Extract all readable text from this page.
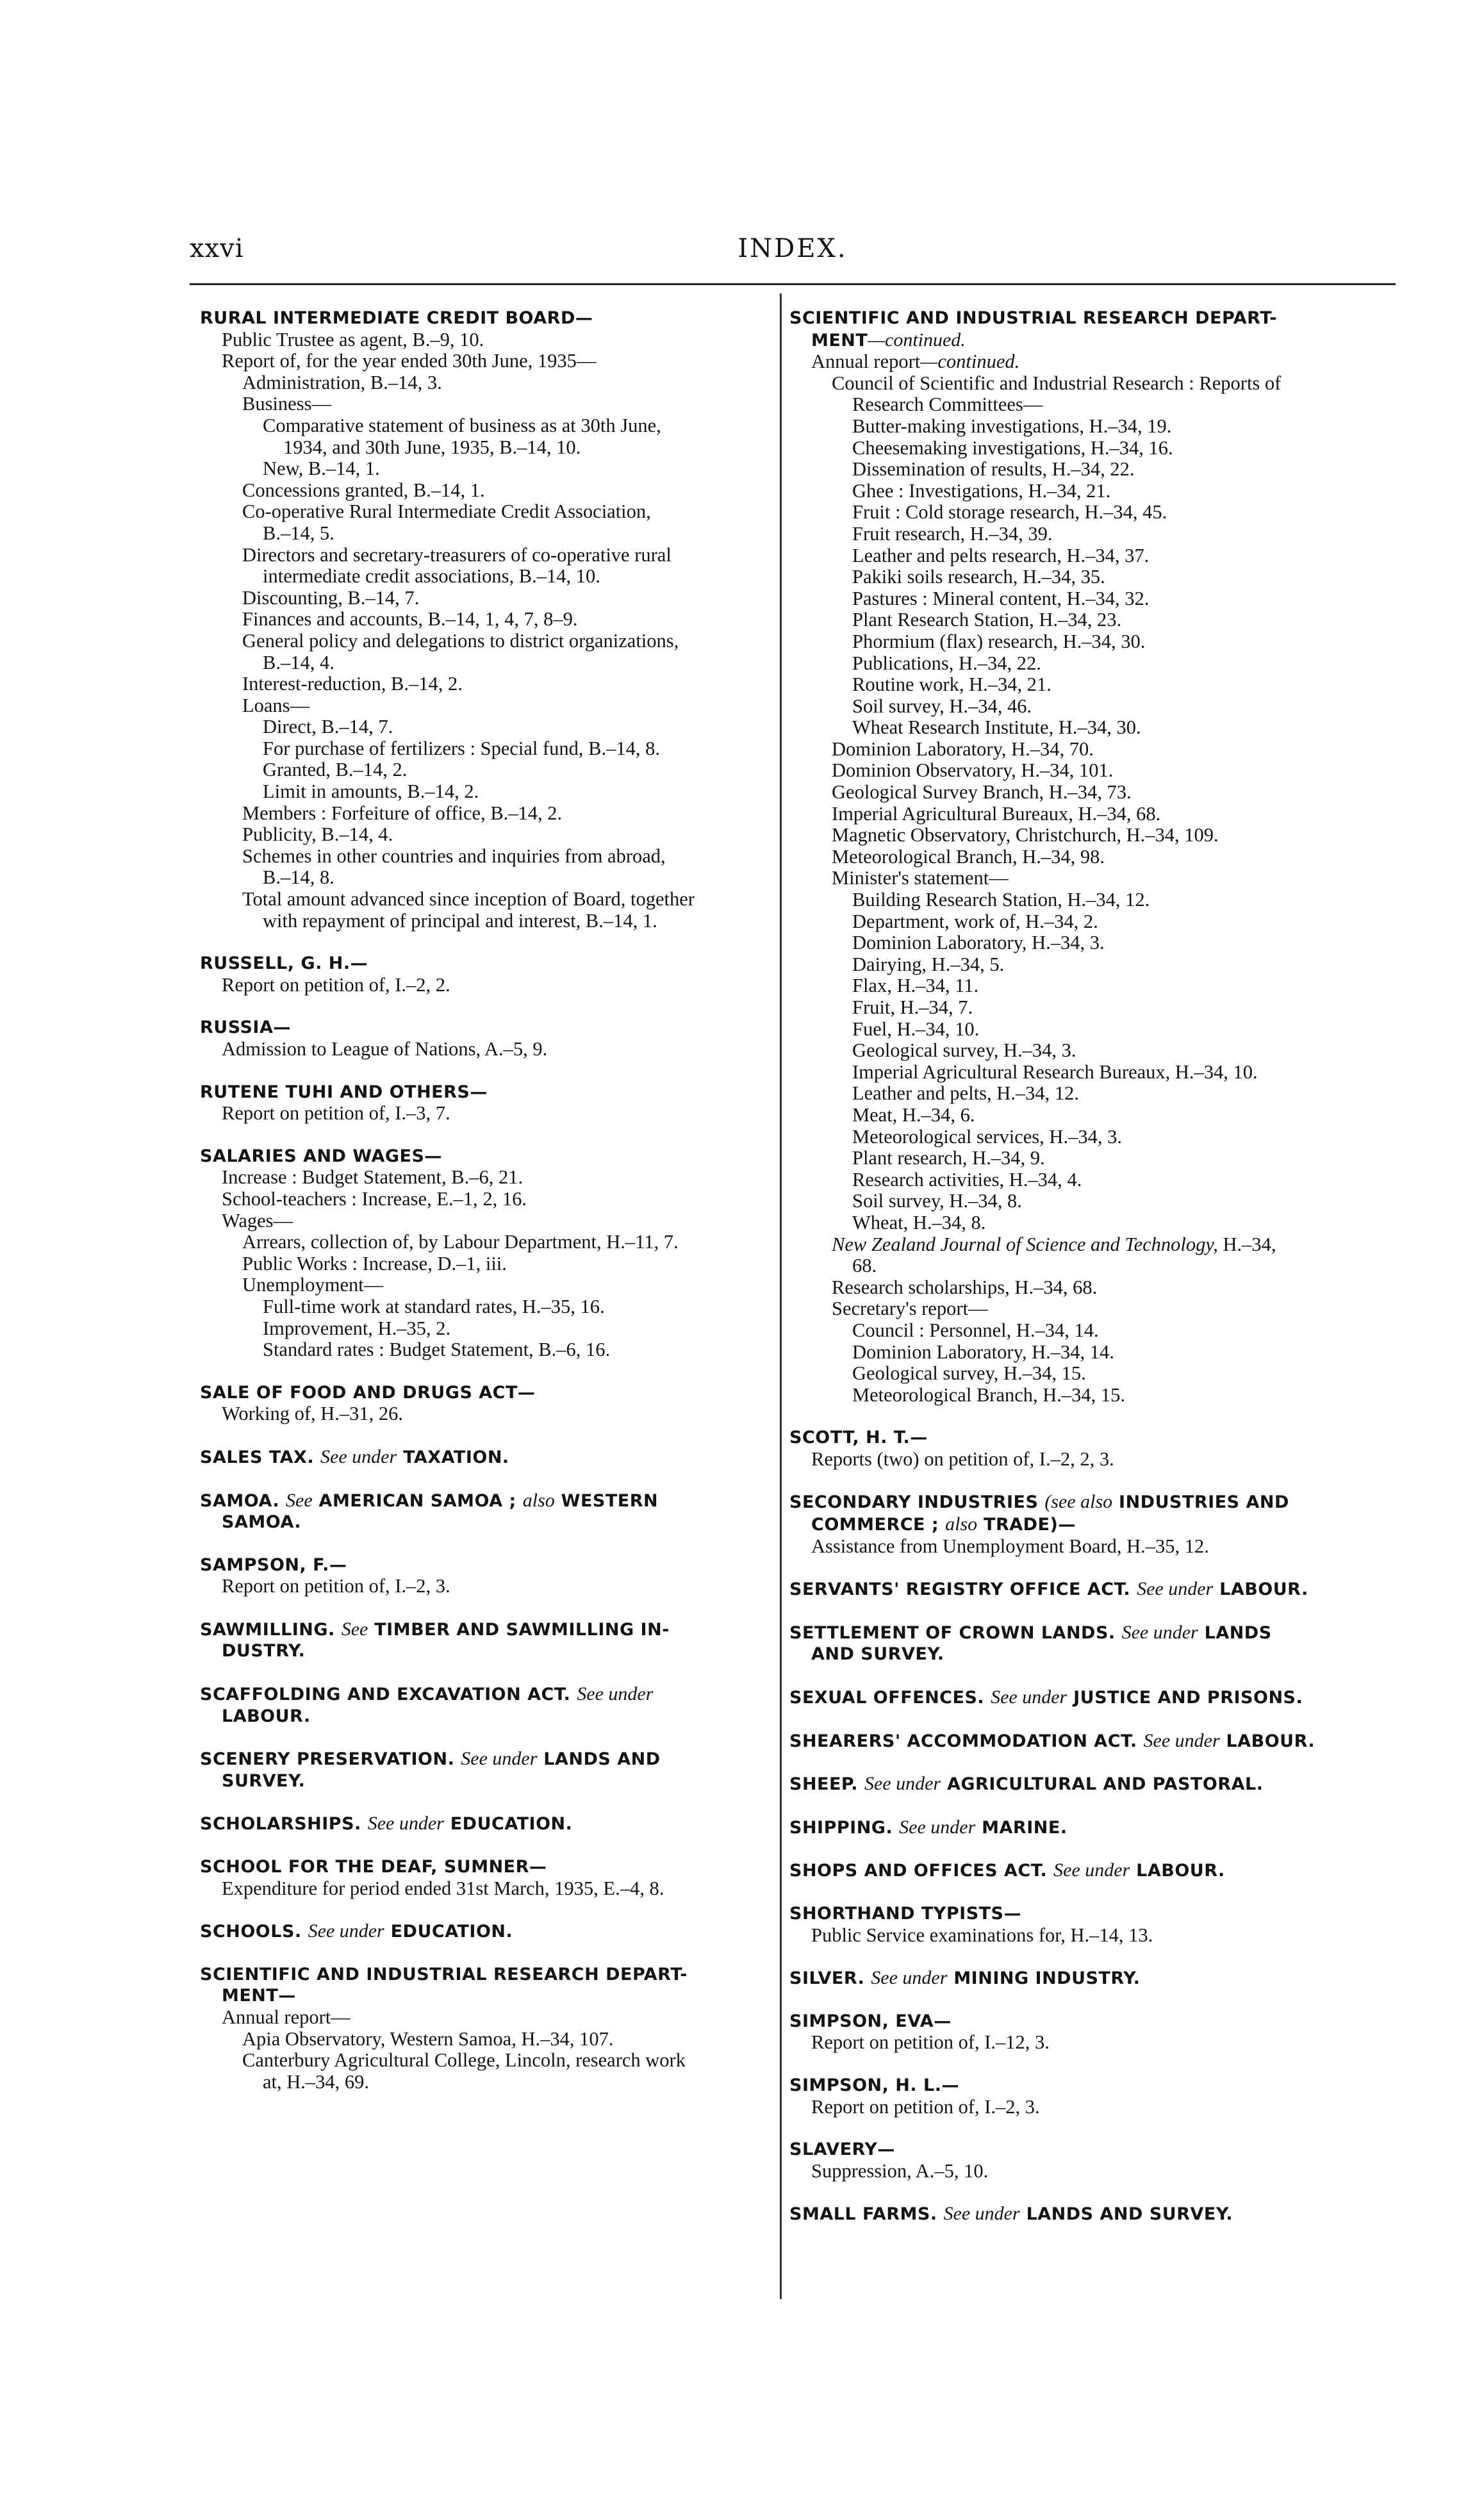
xxvi	INDEX.
RURAL INTERMEDIATE CREDIT BOARD—
Public Trustee as agent, B.–9, 10.
Report of, for the year ended 30th June, 1935—
Administration, B.–14, 3.
Business—
Comparative statement of business as at 30th June,
1934, and 30th June, 1935, B.–14, 10.
New, B.–14, 1.
Concessions granted, B.–14, 1.
Co-operative Rural Intermediate Credit Association,
B.–14, 5.
Directors and secretary-treasurers of co-operative rural
intermediate credit associations, B.–14, 10.
Discounting, B.–14, 7.
Finances and accounts, B.–14, 1, 4, 7, 8–9.
General policy and delegations to district organizations,
B.–14, 4.
Interest-reduction, B.–14, 2.
Loans—
Direct, B.–14, 7.
For purchase of fertilizers : Special fund, B.–14, 8.
Granted, B.–14, 2.
Limit in amounts, B.–14, 2.
Members : Forfeiture of office, B.–14, 2.
Publicity, B.–14, 4.
Schemes in other countries and inquiries from abroad,
B.–14, 8.
Total amount advanced since inception of Board, together
with repayment of principal and interest, B.–14, 1.
RUSSELL, G. H.—
Report on petition of, I.–2, 2.
RUSSIA—
Admission to League of Nations, A.–5, 9.
RUTENE TUHI AND OTHERS—
Report on petition of, I.–3, 7.
SALARIES AND WAGES—
Increase : Budget Statement, B.–6, 21.
School-teachers : Increase, E.–1, 2, 16.
Wages—
Arrears, collection of, by Labour Department, H.–11, 7.
Public Works : Increase, D.–1, iii.
Unemployment—
Full-time work at standard rates, H.–35, 16.
Improvement, H.–35, 2.
Standard rates : Budget Statement, B.–6, 16.
SALE OF FOOD AND DRUGS ACT—
Working of, H.–31, 26.
SALES TAX. See under TAXATION.
SAMOA. See AMERICAN SAMOA ; also WESTERN
SAMOA.
SAMPSON, F.—
Report on petition of, I.–2, 3.
SAWMILLING. See TIMBER AND SAWMILLING IN-
DUSTRY.
SCAFFOLDING AND EXCAVATION ACT. See under
LABOUR.
SCENERY PRESERVATION. See under LANDS AND
SURVEY.
SCHOLARSHIPS. See under EDUCATION.
SCHOOL FOR THE DEAF, SUMNER—
Expenditure for period ended 31st March, 1935, E.–4, 8.
SCHOOLS. See under EDUCATION.
SCIENTIFIC AND INDUSTRIAL RESEARCH DEPART-
MENT—
Annual report—
Apia Observatory, Western Samoa, H.–34, 107.
Canterbury Agricultural College, Lincoln, research work
at, H.–34, 69.
SCIENTIFIC AND INDUSTRIAL RESEARCH DEPART-
MENT—continued.
Annual report—continued.
Council of Scientific and Industrial Research : Reports of
Research Committees—
Butter-making investigations, H.–34, 19.
Cheesemaking investigations, H.–34, 16.
Dissemination of results, H.–34, 22.
Ghee : Investigations, H.–34, 21.
Fruit : Cold storage research, H.–34, 45.
Fruit research, H.–34, 39.
Leather and pelts research, H.–34, 37.
Pakiki soils research, H.–34, 35.
Pastures : Mineral content, H.–34, 32.
Plant Research Station, H.–34, 23.
Phormium (flax) research, H.–34, 30.
Publications, H.–34, 22.
Routine work, H.–34, 21.
Soil survey, H.–34, 46.
Wheat Research Institute, H.–34, 30.
Dominion Laboratory, H.–34, 70.
Dominion Observatory, H.–34, 101.
Geological Survey Branch, H.–34, 73.
Imperial Agricultural Bureaux, H.–34, 68.
Magnetic Observatory, Christchurch, H.–34, 109.
Meteorological Branch, H.–34, 98.
Minister's statement—
Building Research Station, H.–34, 12.
Department, work of, H.–34, 2.
Dominion Laboratory, H.–34, 3.
Dairying, H.–34, 5.
Flax, H.–34, 11.
Fruit, H.–34, 7.
Fuel, H.–34, 10.
Geological survey, H.–34, 3.
Imperial Agricultural Research Bureaux, H.–34, 10.
Leather and pelts, H.–34, 12.
Meat, H.–34, 6.
Meteorological services, H.–34, 3.
Plant research, H.–34, 9.
Research activities, H.–34, 4.
Soil survey, H.–34, 8.
Wheat, H.–34, 8.
New Zealand Journal of Science and Technology, H.–34,
68.
Research scholarships, H.–34, 68.
Secretary's report—
Council : Personnel, H.–34, 14.
Dominion Laboratory, H.–34, 14.
Geological survey, H.–34, 15.
Meteorological Branch, H.–34, 15.
SCOTT, H. T.—
Reports (two) on petition of, I.–2, 2, 3.
SECONDARY INDUSTRIES (see also INDUSTRIES AND
COMMERCE ; also TRADE)—
Assistance from Unemployment Board, H.–35, 12.
SERVANTS' REGISTRY OFFICE ACT. See under LABOUR.
SETTLEMENT OF CROWN LANDS. See under LANDS
AND SURVEY.
SEXUAL OFFENCES. See under JUSTICE AND PRISONS.
SHEARERS' ACCOMMODATION ACT. See under LABOUR.
SHEEP. See under AGRICULTURAL AND PASTORAL.
SHIPPING. See under MARINE.
SHOPS AND OFFICES ACT. See under LABOUR.
SHORTHAND TYPISTS—
Public Service examinations for, H.–14, 13.
SILVER. See under MINING INDUSTRY.
SIMPSON, EVA—
Report on petition of, I.–12, 3.
SIMPSON, H. L.—
Report on petition of, I.–2, 3.
SLAVERY—
Suppression, A.–5, 10.
SMALL FARMS. See under LANDS AND SURVEY.
